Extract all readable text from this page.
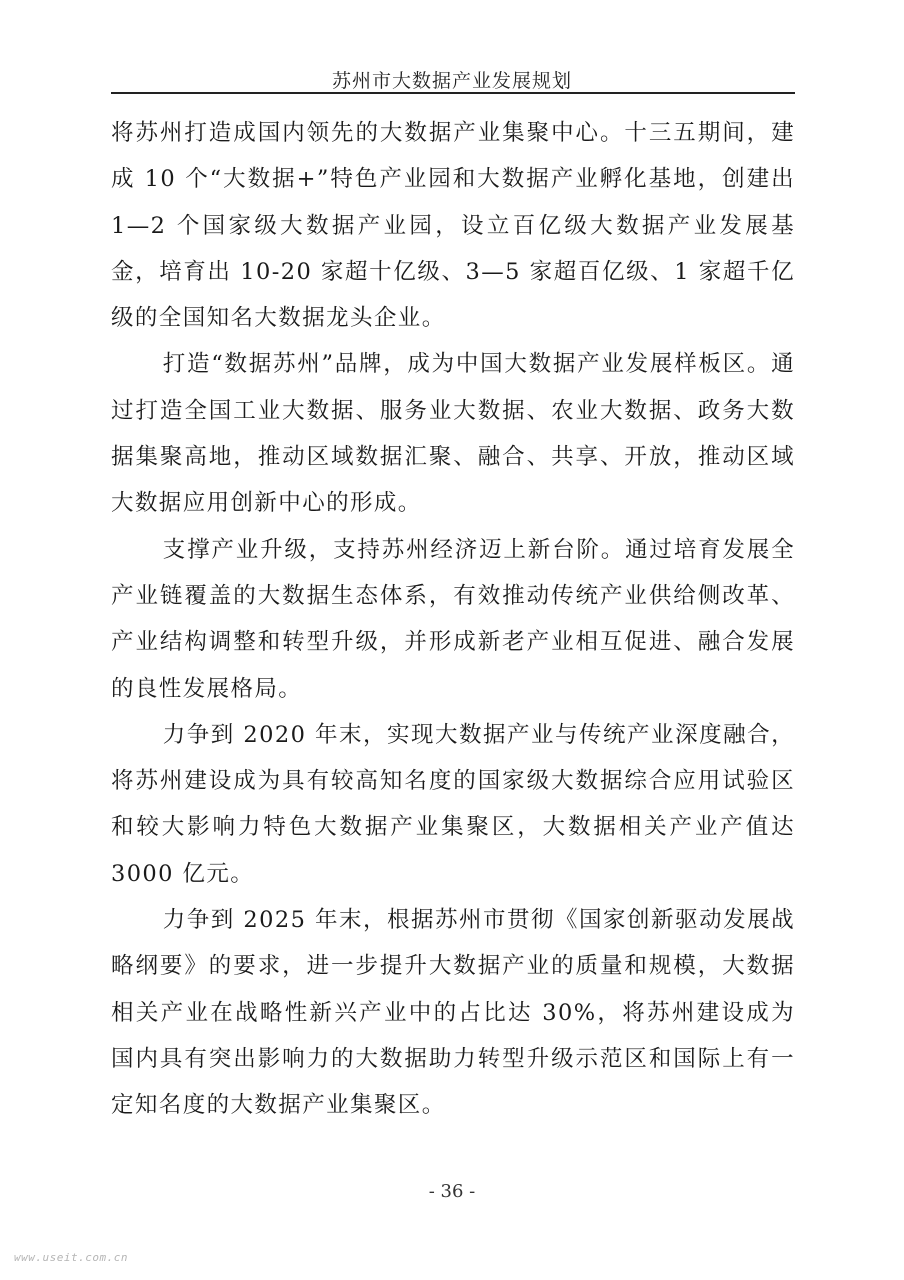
苏州市大数据产业发展规划

将苏州打造成国内领先的大数据产业集聚中心。十三五期间，建成 10 个“大数据+”特色产业园和大数据产业孵化基地，创建出 1—2 个国家级大数据产业园，设立百亿级大数据产业发展基金，培育出 10-20 家超十亿级、3—5 家超百亿级、1 家超千亿级的全国知名大数据龙头企业。

打造“数据苏州”品牌，成为中国大数据产业发展样板区。通过打造全国工业大数据、服务业大数据、农业大数据、政务大数据集聚高地，推动区域数据汇聚、融合、共享、开放，推动区域大数据应用创新中心的形成。

支撑产业升级，支持苏州经济迈上新台阶。通过培育发展全产业链覆盖的大数据生态体系，有效推动传统产业供给侧改革、产业结构调整和转型升级，并形成新老产业相互促进、融合发展的良性发展格局。

力争到 2020 年末，实现大数据产业与传统产业深度融合，将苏州建设成为具有较高知名度的国家级大数据综合应用试验区和较大影响力特色大数据产业集聚区，大数据相关产业产值达 3000 亿元。

力争到 2025 年末，根据苏州市贯彻《国家创新驱动发展战略纲要》的要求，进一步提升大数据产业的质量和规模，大数据相关产业在战略性新兴产业中的占比达 30%，将苏州建设成为国内具有突出影响力的大数据助力转型升级示范区和国际上有一定知名度的大数据产业集聚区。

- 36 -
www.useit.com.cn
